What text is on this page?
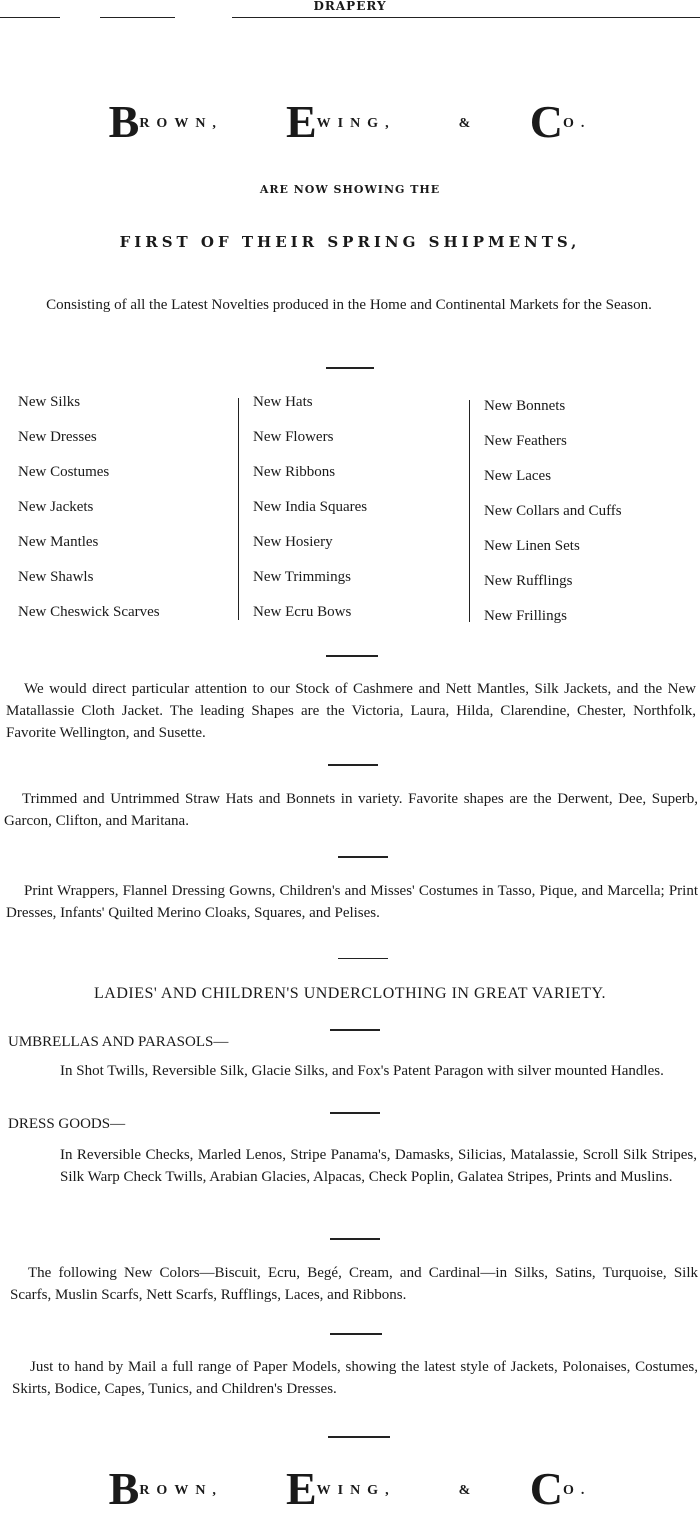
DRAPERY
BROWN, EWING,	& CO.
ARE NOW SHOWING THE
FIRST OF THEIR SPRING SHIPMENTS,
Consisting of all the Latest Novelties produced in the Home and Continental Markets for the Season.
New Silks
New Dresses
New Costumes
New Jackets
New Mantles
New Shawls
New Cheswick Scarves
New Hats
New Flowers
New Ribbons
New India Squares
New Hosiery
New Trimmings
New Ecru Bows
New Bonnets
New Feathers
New Laces
New Collars and Cuffs
New Linen Sets
New Rufflings
New Frillings
We would direct particular attention to our Stock of Cashmere and Nett Mantles, Silk Jackets, and the New Matallassie Cloth Jacket. The leading Shapes are the Victoria, Laura, Hilda, Clarendine, Chester, Northfolk, Favorite Wellington, and Susette.
Trimmed and Untrimmed Straw Hats and Bonnets in variety. Favorite shapes are the Derwent, Dee, Superb, Garcon, Clifton, and Maritana.
Print Wrappers, Flannel Dressing Gowns, Children's and Misses' Costumes in Tasso, Pique, and Marcella; Print Dresses, Infants' Quilted Merino Cloaks, Squares, and Pelises.
LADIES' AND CHILDREN'S UNDERCLOTHING IN GREAT VARIETY.
UMBRELLAS AND PARASOLS—
In Shot Twills, Reversible Silk, Glacie Silks, and Fox's Patent Paragon with silver mounted Handles.
DRESS GOODS—
In Reversible Checks, Marled Lenos, Stripe Panama's, Damasks, Silicias, Matalassie, Scroll Silk Stripes, Silk Warp Check Twills, Arabian Glacies, Alpacas, Check Poplin, Galatea Stripes, Prints and Muslins.
The following New Colors—Biscuit, Ecru, Begé, Cream, and Cardinal—in Silks, Satins, Turquoise, Silk Scarfs, Muslin Scarfs, Nett Scarfs, Rufflings, Laces, and Ribbons.
Just to hand by Mail a full range of Paper Models, showing the latest style of Jackets, Polonaises, Costumes, Skirts, Bodice, Capes, Tunics, and Children's Dresses.
BROWN, EWING,	& CO.
